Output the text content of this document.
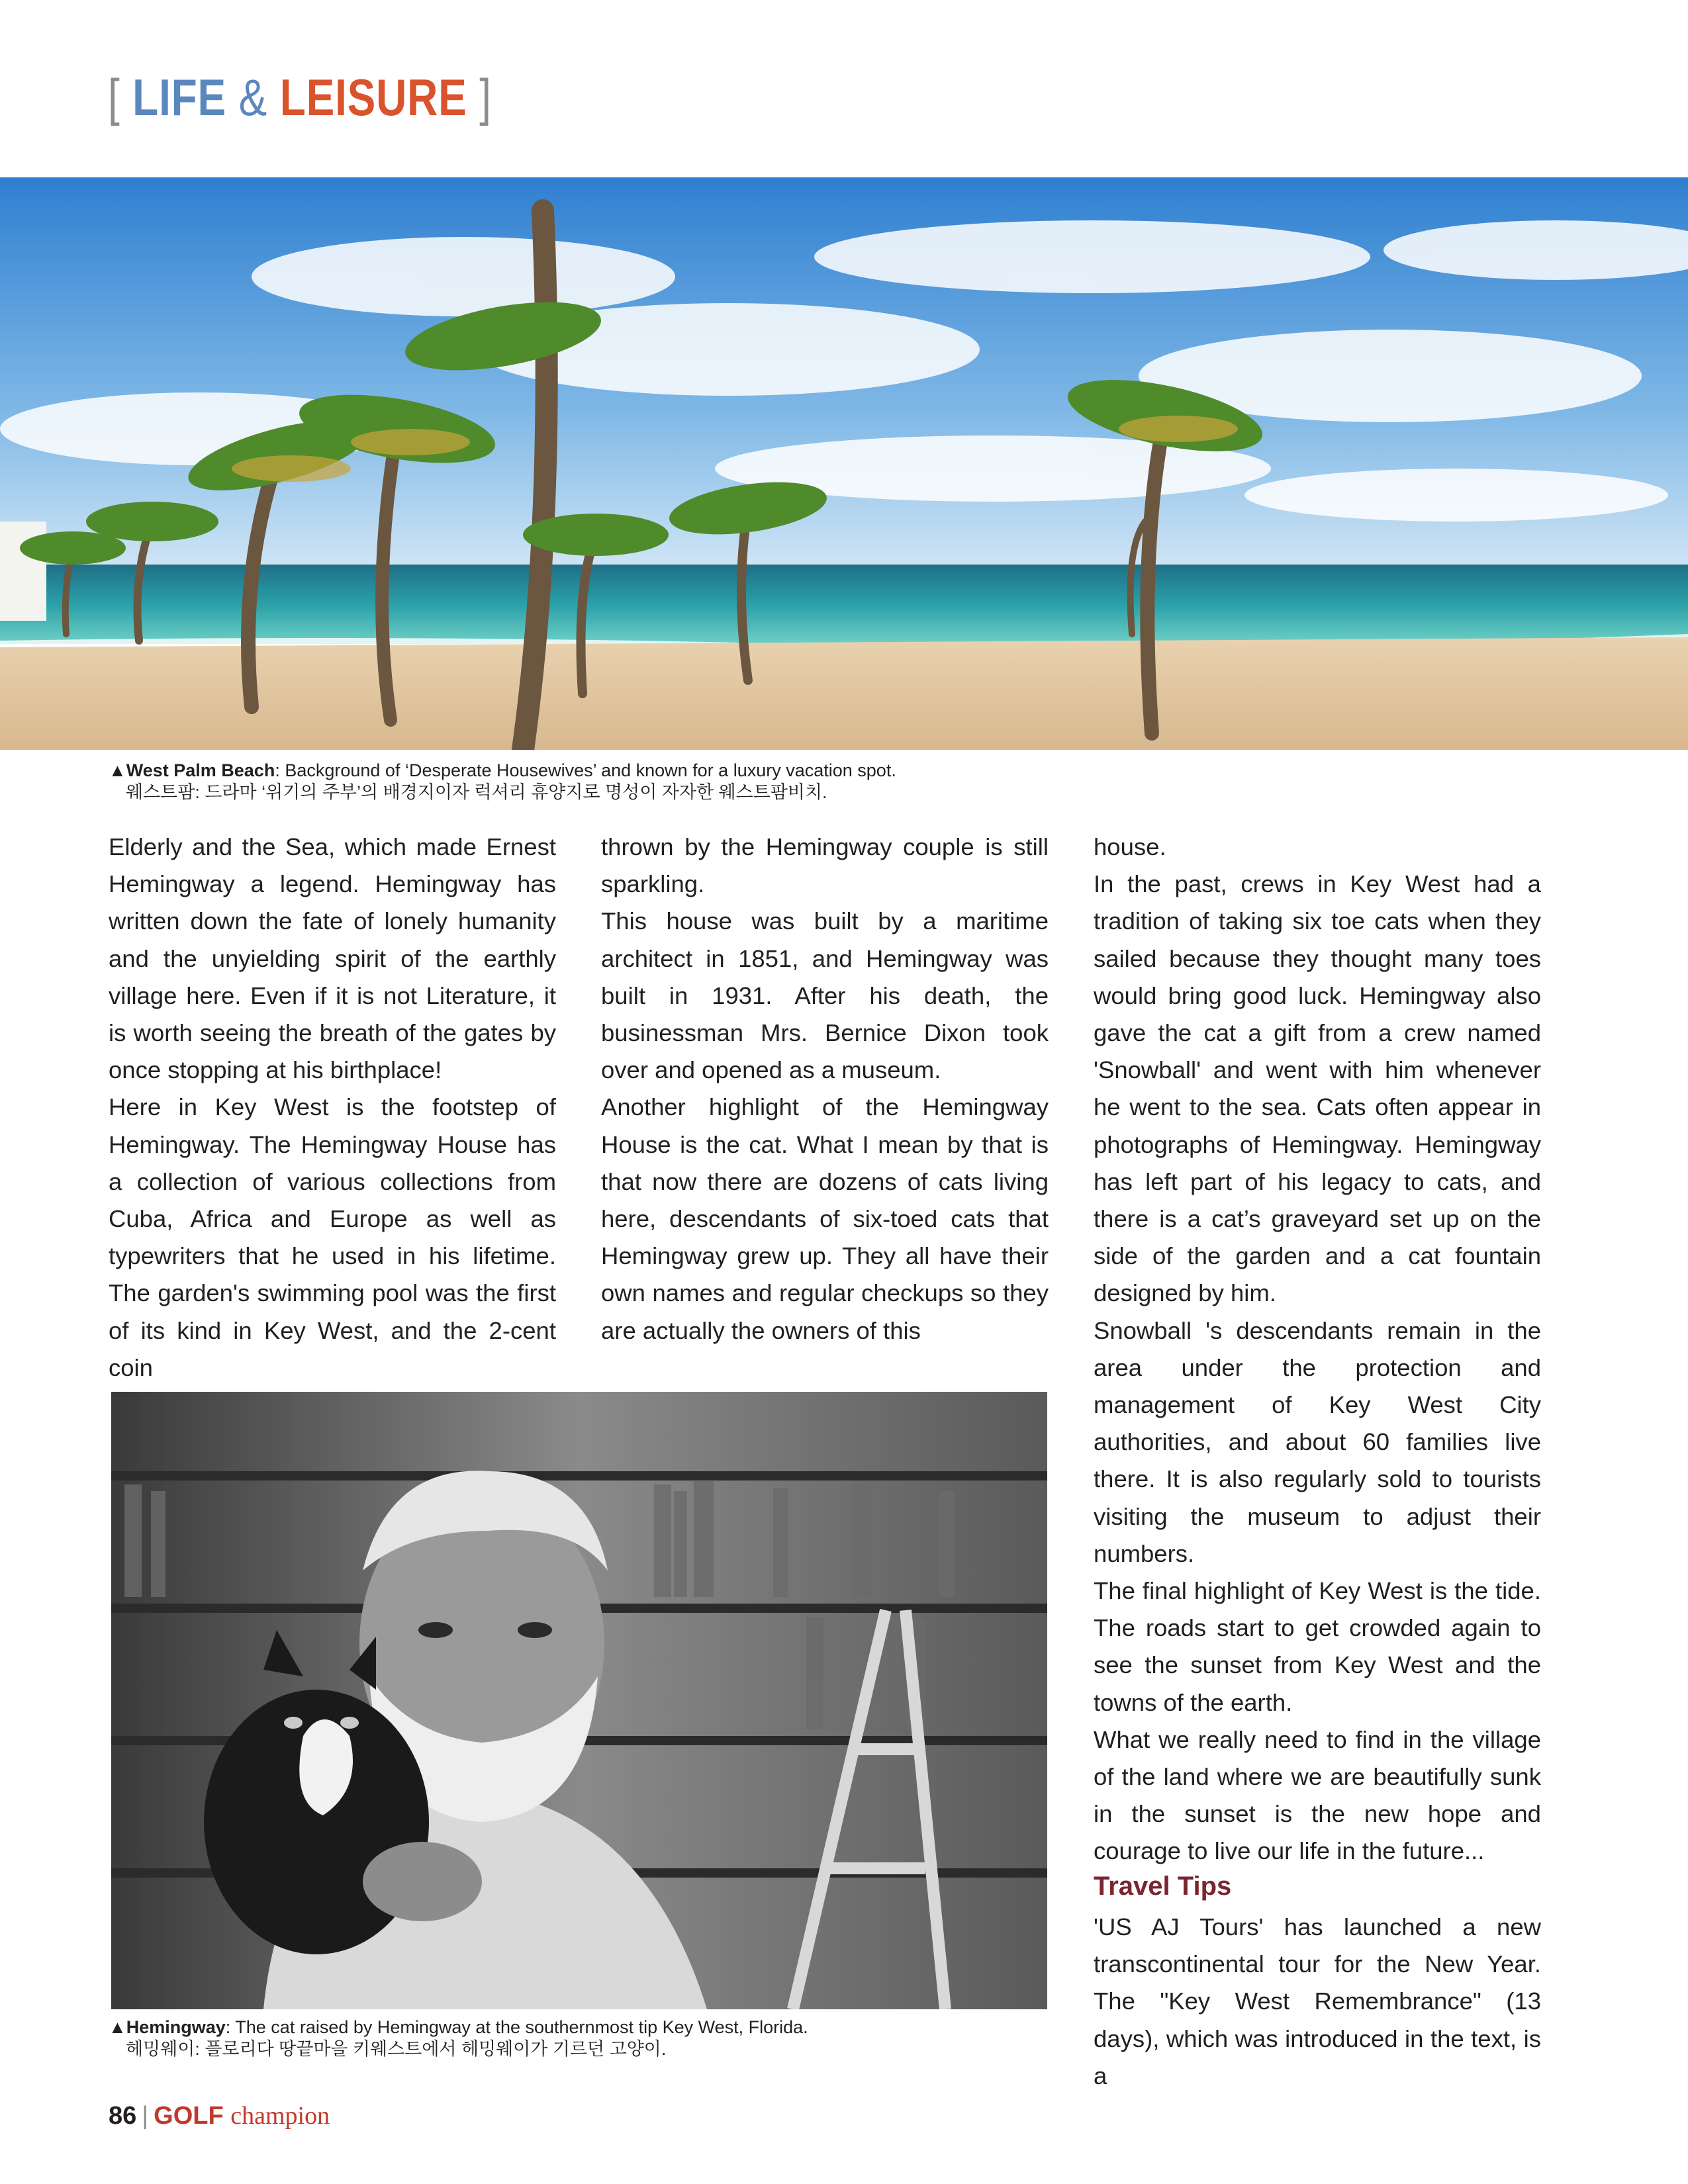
[ LIFE & LEISURE ]
▲West Palm Beach: Background of ‘Desperate Housewives’ and known for a luxury vacation spot.
웨스트팜: 드라마 ‘위기의 주부’의 배경지이자 럭셔리 휴양지로 명성이 자자한 웨스트팜비치.

Elderly and the Sea, which made Ernest Hemingway a legend. Hemingway has written down the fate of lonely humanity and the unyielding spirit of the earthly village here. Even if it is not Literature, it is worth seeing the breath of the gates by once stopping at his birthplace!

Here in Key West is the footstep of Hemingway. The Hemingway House has a collection of various collections from Cuba, Africa and Europe as well as typewriters that he used in his lifetime. The garden's swimming pool was the first of its kind in Key West, and the 2-cent coin

thrown by the Hemingway couple is still sparkling.

This house was built by a maritime architect in 1851, and Hemingway was built in 1931. After his death, the businessman Mrs. Bernice Dixon took over and opened as a museum.

Another highlight of the Hemingway House is the cat. What I mean by that is that now there are dozens of cats living here, descendants of six-toed cats that Hemingway grew up. They all have their own names and regular checkups so they are actually the owners of this

house.

In the past, crews in Key West had a tradition of taking six toe cats when they sailed because they thought many toes would bring good luck. Hemingway also gave the cat a gift from a crew named 'Snowball' and went with him whenever he went to the sea. Cats often appear in photographs of Hemingway. Hemingway has left part of his legacy to cats, and there is a cat’s graveyard set up on the side of the garden and a cat fountain designed by him.

Snowball 's descendants remain in the area under the protection and management of Key West City authorities, and about 60 families live there. It is also regularly sold to tourists visiting the museum to adjust their numbers.

The final highlight of Key West is the tide. The roads start to get crowded again to see the sunset from Key West and the towns of the earth.

What we really need to find in the village of the land where we are beautifully sunk in the sunset is the new hope and courage to live our life in the future...

Travel Tips

'US AJ Tours' has launched a new transcontinental tour for the New Year. The "Key West Remembrance" (13 days), which was introduced in the text, is a

▲Hemingway: The cat raised by Hemingway at the southernmost tip Key West, Florida.
헤밍웨이: 플로리다 땅끝마을 키웨스트에서 헤밍웨이가 기르던 고양이.
86 | GOLF champion
